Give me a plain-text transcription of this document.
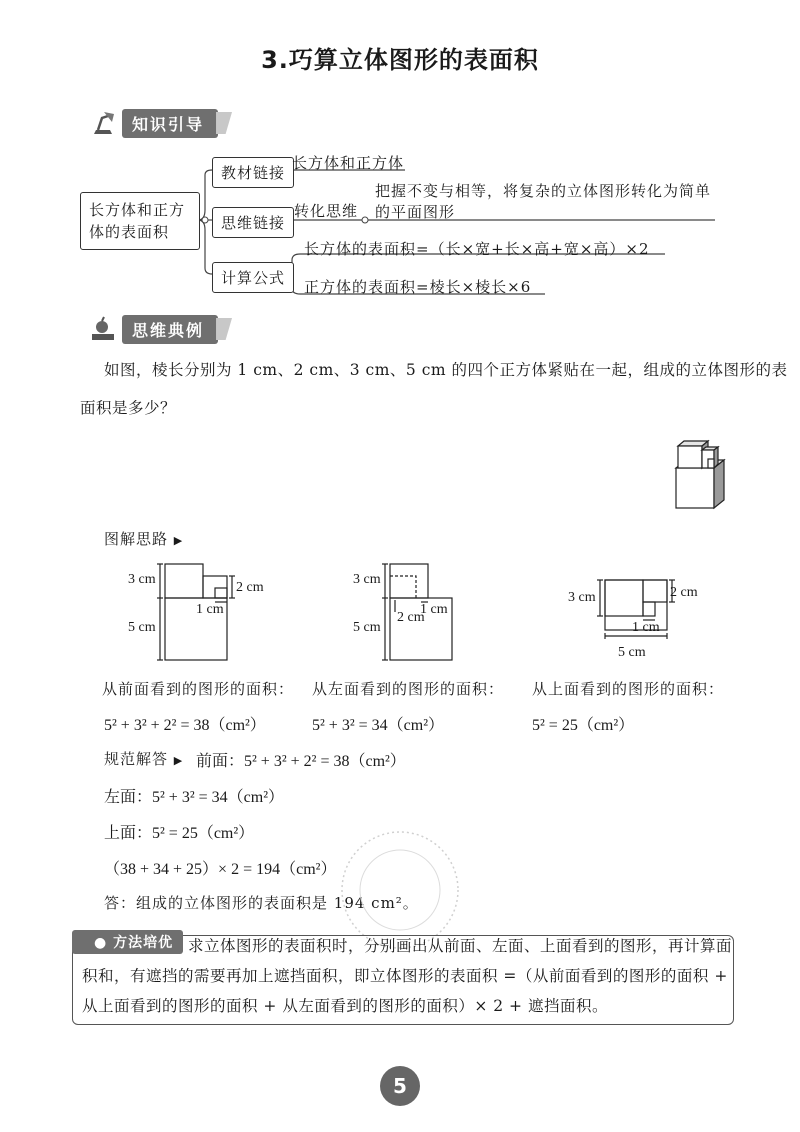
3.巧算立体图形的表面积
知识引导
长方体和正方
体的表面积
教材链接
长方体和正方体
思维链接
转化思维
把握不变与相等，将复杂的立体图形转化为简单
的平面图形
计算公式
长方体的表面积=（长×宽+长×高+宽×高）×2
正方体的表面积=棱长×棱长×6
思维典例
如图，棱长分别为 1 cm、2 cm、3 cm、5 cm 的四个正方体紧贴在一起，组成的立体图形的表
面积是多少？
图解思路 ▶
3 cm
5 cm
2 cm
1 cm
3 cm
5 cm
2 cm
1 cm
3 cm	2 cm
1 cm
5 cm
从前面看到的图形的面积： 从左面看到的图形的面积： 从上面看到的图形的面积：
5² + 3² + 2² = 38（cm²）	5² + 3² = 34（cm²）	5² = 25（cm²）
规范解答 ▶ 前面：5² + 3² + 2² = 38（cm²）
左面：5² + 3² = 34（cm²）
上面：5² = 25（cm²）
（38 + 34 + 25）× 2 = 194（cm²）
答：组成的立体图形的表面积是 194 cm²。
● 方法培优 求立体图形的表面积时，分别画出从前面、左面、上面看到的图形，再计算面
积和，有遮挡的需要再加上遮挡面积，即立体图形的表面积 =（从前面看到的图形的面积 +
从上面看到的图形的面积 + 从左面看到的图形的面积）× 2 + 遮挡面积。
5
